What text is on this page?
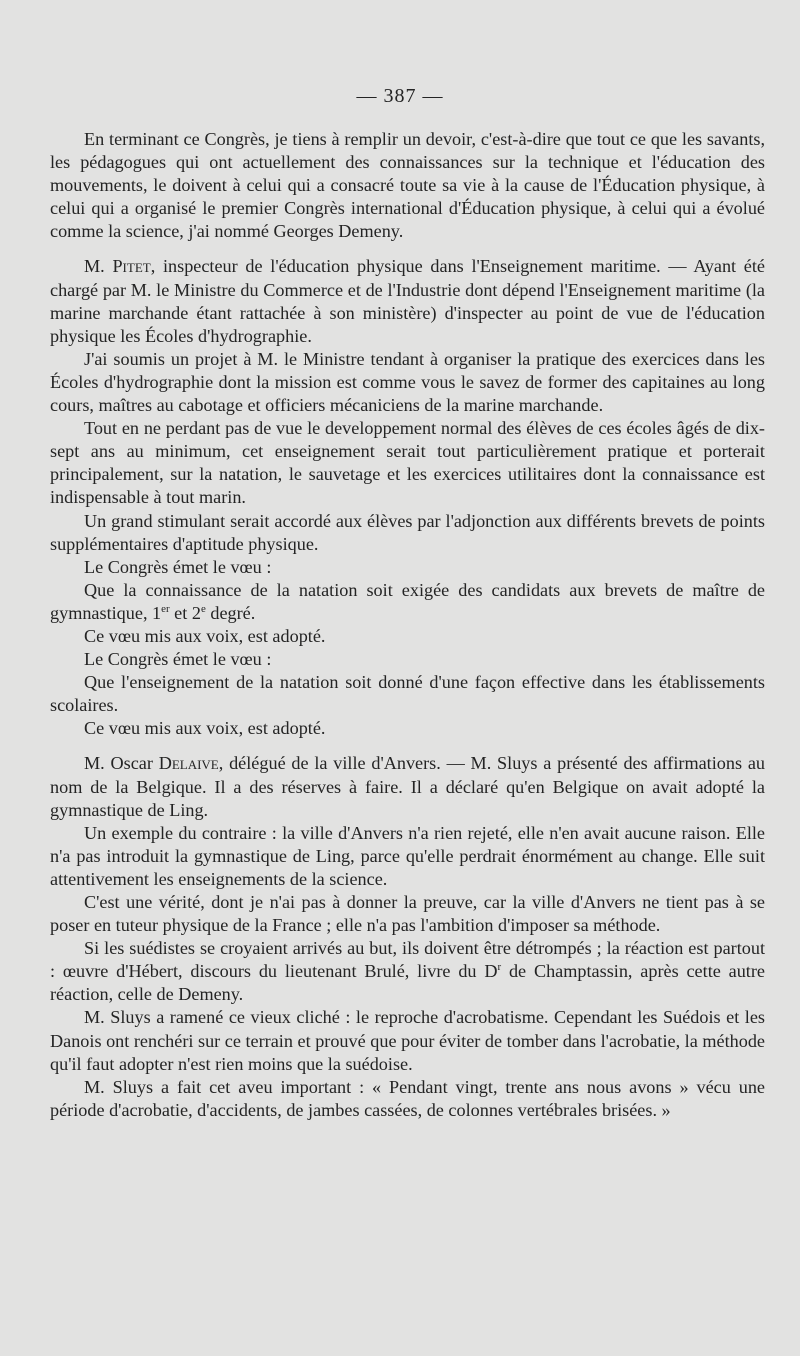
— 387 —

En terminant ce Congrès, je tiens à remplir un devoir, c'est-à-dire que tout ce que les savants, les pédagogues qui ont actuellement des connaissances sur la technique et l'éducation des mouvements, le doivent à celui qui a consacré toute sa vie à la cause de l'Éducation physique, à celui qui a organisé le premier Congrès international d'Éducation physique, à celui qui a évolué comme la science, j'ai nommé Georges Demeny.

M. Pitet, inspecteur de l'éducation physique dans l'Enseignement maritime. — Ayant été chargé par M. le Ministre du Commerce et de l'Industrie dont dépend l'Enseignement maritime (la marine marchande étant rattachée à son ministère) d'inspecter au point de vue de l'éducation physique les Écoles d'hydrographie.

J'ai soumis un projet à M. le Ministre tendant à organiser la pratique des exercices dans les Écoles d'hydrographie dont la mission est comme vous le savez de former des capitaines au long cours, maîtres au cabotage et officiers mécaniciens de la marine marchande.

Tout en ne perdant pas de vue le developpement normal des élèves de ces écoles âgés de dix-sept ans au minimum, cet enseignement serait tout particulièrement pratique et porterait principalement, sur la natation, le sauvetage et les exercices utilitaires dont la connaissance est indispensable à tout marin.

Un grand stimulant serait accordé aux élèves par l'adjonction aux différents brevets de points supplémentaires d'aptitude physique.

Le Congrès émet le vœu :

Que la connaissance de la natation soit exigée des candidats aux brevets de maître de gymnastique, 1er et 2e degré.

Ce vœu mis aux voix, est adopté.

Le Congrès émet le vœu :

Que l'enseignement de la natation soit donné d'une façon effective dans les établissements scolaires.

Ce vœu mis aux voix, est adopté.

M. Oscar Delaive, délégué de la ville d'Anvers. — M. Sluys a présenté des affirmations au nom de la Belgique. Il a des réserves à faire. Il a déclaré qu'en Belgique on avait adopté la gymnastique de Ling.

Un exemple du contraire : la ville d'Anvers n'a rien rejeté, elle n'en avait aucune raison. Elle n'a pas introduit la gymnastique de Ling, parce qu'elle perdrait énormément au change. Elle suit attentivement les enseignements de la science.

C'est une vérité, dont je n'ai pas à donner la preuve, car la ville d'Anvers ne tient pas à se poser en tuteur physique de la France ; elle n'a pas l'ambition d'imposer sa méthode.

Si les suédistes se croyaient arrivés au but, ils doivent être détrompés ; la réaction est partout : œuvre d'Hébert, discours du lieutenant Brulé, livre du $D^r$ de Champtassin, après cette autre réaction, celle de Demeny.

M. Sluys a ramené ce vieux cliché : le reproche d'acrobatisme. Cependant les Suédois et les Danois ont renchéri sur ce terrain et prouvé que pour éviter de tomber dans l'acrobatie, la méthode qu'il faut adopter n'est rien moins que la suédoise.

M. Sluys a fait cet aveu important : « Pendant vingt, trente ans nous avons » vécu une période d'acrobatie, d'accidents, de jambes cassées, de colonnes vertébrales brisées. »
